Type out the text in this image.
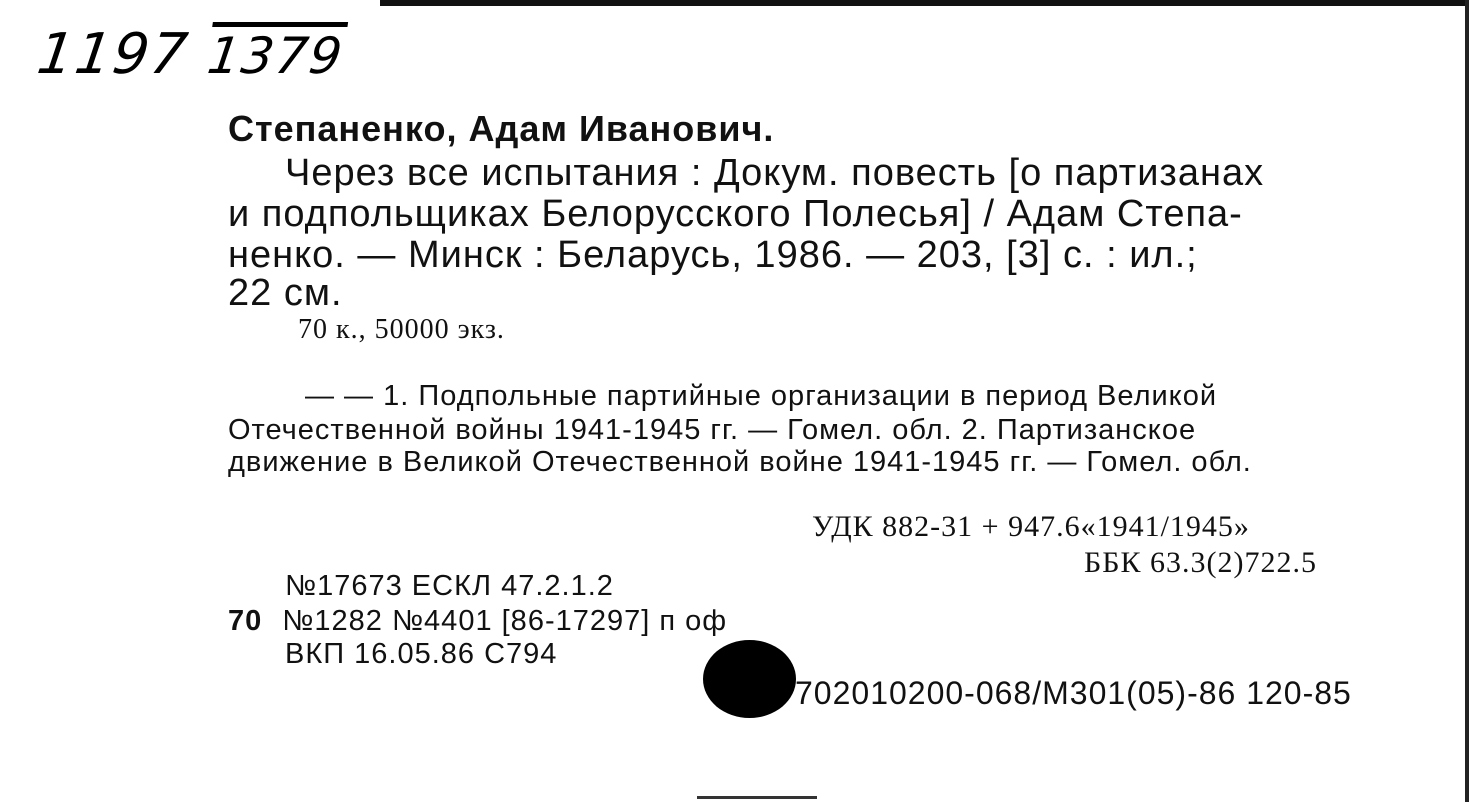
1197 1379
Степаненко, Адам Иванович.
Через все испытания : Докум. повесть [о партизанах
и подпольщиках Белорусского Полесья] / Адам Степа-
ненко. — Минск : Беларусь, 1986. — 203, [3] с. : ил.;
22 см.
70 к., 50000 экз.
— — 1. Подпольные партийные организации в период Великой
Отечественной войны 1941-1945 гг. — Гомел. обл. 2. Партизанское
движение в Великой Отечественной войне 1941-1945 гг. — Гомел. обл.
УДК 882-31 + 947.6«1941/1945»
ББК 63.3(2)722.5
№17673 ЕСКЛ 47.2.1.2
70 №1282 №4401 [86-17297] п оф
ВКП 16.05.86 С794
702010200-068/М301(05)-86 120-85
